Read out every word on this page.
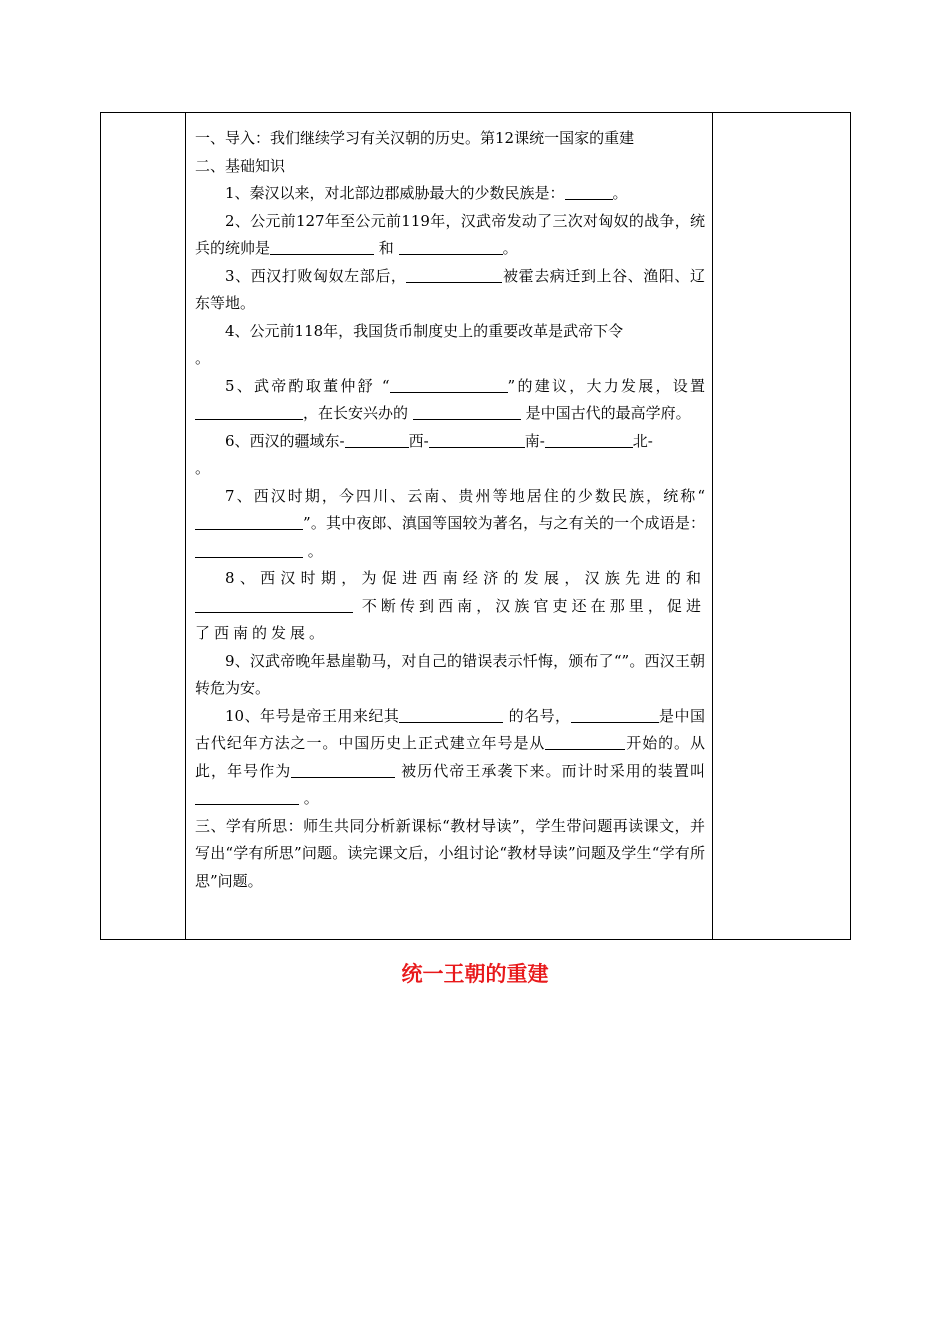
一、导入：我们继续学习有关汉朝的历史。第12课统一国家的重建

二、基础知识

1、秦汉以来，对北部边郡威胁最大的少数民族是：	。

2、公元前127年至公元前119年，汉武帝发动了三次对匈奴的战争，统兵的统帅是	和	。

3、西汉打败匈奴左部后，	被霍去病迁到上谷、渔阳、辽东等地。

4、公元前118年，我国货币制度史上的重要改革是武帝下令
。

5、武帝酌取董仲舒 “	”的建议，大力发展，设置，在长安兴办的	是中国古代的最高学府。

6、西汉的疆域东-	西-	南-	北-
。

7、西汉时期，今四川、云南、贵州等地居住的少数民族，统称“”。其中夜郎、滇国等国较为著名，与之有关的一个成语是： 。

8、西汉时期，为促进西南经济的发展，汉族先进的和 不断传到西南，汉族官吏还在那里，促进了西南的发展。

9、汉武帝晚年悬崖勒马，对自己的错误表示忏悔，颁布了“”。西汉王朝转危为安。

10、年号是帝王用来纪其	的名号，	是中国古代纪年方法之一。中国历史上正式建立年号是从	开始的。从此，年号作为	被历代帝王承袭下来。而计时采用的装置叫 。

三、学有所思：师生共同分析新课标“教材导读”，学生带问题再读课文，并写出“学有所思”问题。读完课文后，小组讨论“教材导读”问题及学生“学有所思”问题。

统一王朝的重建
